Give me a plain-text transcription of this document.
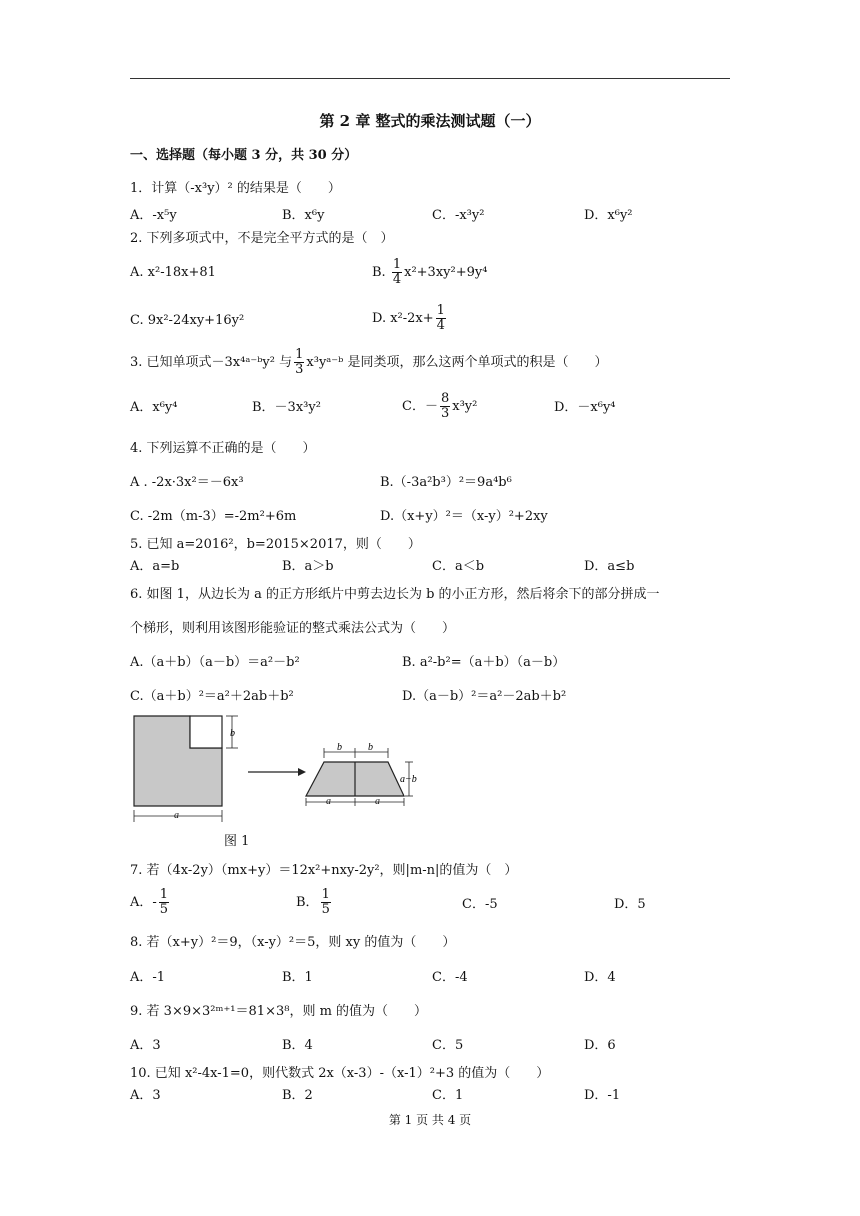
第 2 章 整式的乘法测试题（一）
一、选择题（每小题 3 分，共 30 分）
1．计算（-x³y）² 的结果是（　　）
A．-x⁵y	B．x⁶y	C．-x³y²	D．x⁶y²
2. 下列多项式中，不是完全平方式的是（　）
A. x²-18x+81	B. $\frac{1}{4} x^2+3xy^2+9y^4$
C. 9x²-24xy+16y²	D. $x^2-2x+ \frac{1}{4}$
3. 已知单项式－3x⁴ᵃ⁻ᵇy² 与 $\frac{1}{3}$ x³yᵃ⁻ᵇ 是同类项，那么这两个单项式的积是（　　）
A．x⁶y⁴	B．－3x³y²	C．－ $\frac{8}{3} x^3y^2$	D．－x⁶y⁴
4. 下列运算不正确的是（　　）
A . -2x·3x²＝－6x³	B.（-3a²b³）²＝9a⁴b⁶
C. -2m（m-3）=-2m²+6m	D.（x+y）²＝（x-y）²+2xy
5. 已知 a=2016²，b=2015×2017，则（　　）
A．a=b	B．a＞b	C．a＜b	D．a≤b
6. 如图 1，从边长为 a 的正方形纸片中剪去边长为 b 的小正方形，然后将余下的部分拼成一
个梯形，则利用该图形能验证的整式乘法公式为（　　）
A.（a＋b）（a－b）＝a²－b²	B. a²-b²=（a＋b）（a－b）
C.（a＋b）²＝a²＋2ab＋b²	D.（a－b）²＝a²－2ab＋b²
b
a
b	b
a−b
a	a
图 1
7. 若（4x-2y）（mx+y）＝12x²+nxy-2y²，则|m-n|的值为（　）
A．- $\frac{1}{5}$	B． $\frac{1}{5}$	C．-5	D．5
8. 若（x+y）²＝9，（x-y）²＝5，则 xy 的值为（　　）
A．-1	B．1	C．-4	D．4
9. 若 3×9×3²ᵐ⁺¹＝81×3⁸，则 m 的值为（　　）
A．3	B．4	C．5	D．6
10. 已知 x²-4x-1=0，则代数式 2x（x-3）-（x-1）²+3 的值为（　　）
A．3	B．2	C．1	D．-1
第 1 页 共 4 页
